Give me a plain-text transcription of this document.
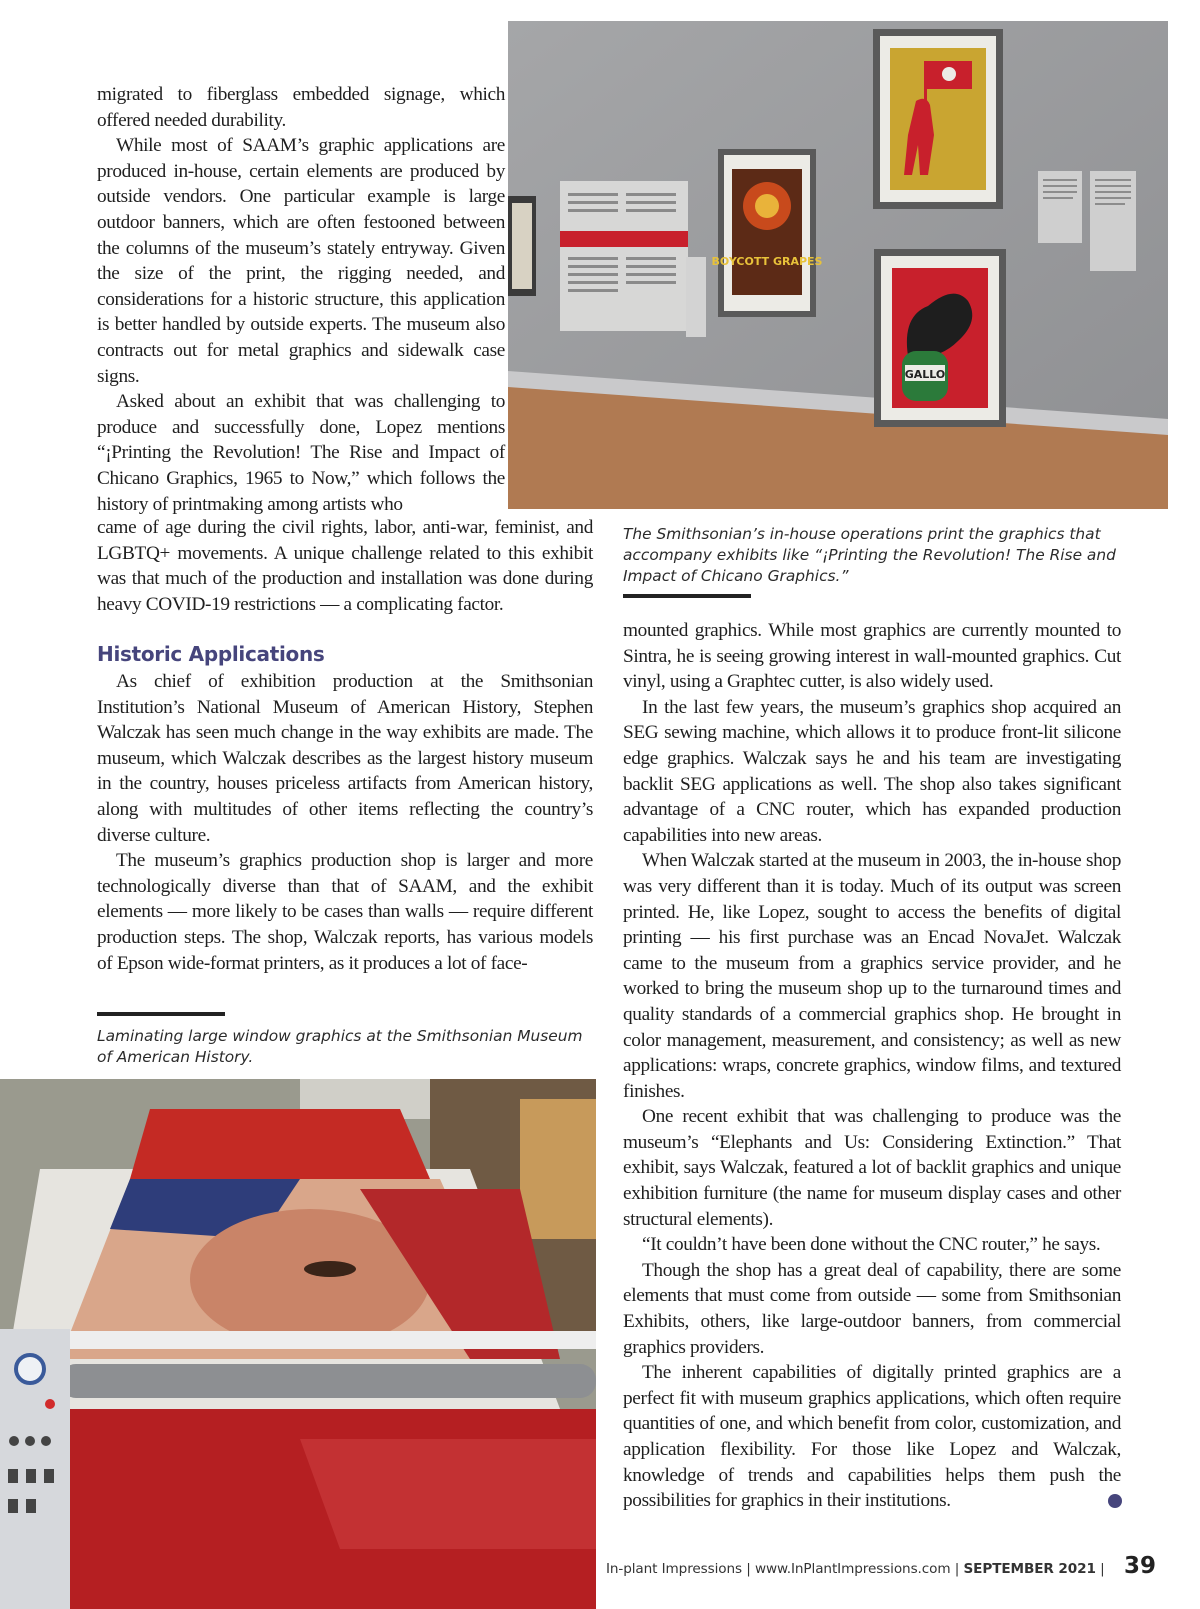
BOYCOTT GRAPES
GALLO
The Smithsonian’s in-house operations print the graphics that accompany exhibits like “¡Printing the Revolution! The Rise and Impact of Chicano Graphics.”

migrated to fiberglass embedded signage, which offered needed durability.

While most of SAAM’s graphic applications are produced in-house, certain elements are produced by outside vendors. One particular example is large outdoor banners, which are often festooned between the columns of the museum’s stately entryway. Given the size of the print, the rigging needed, and considerations for a historic structure, this application is better handled by outside experts. The museum also contracts out for metal graphics and sidewalk case signs.

Asked about an exhibit that was challenging to produce and successfully done, Lopez mentions “¡Printing the Revolution! The Rise and Impact of Chicano Graphics, 1965 to Now,” which follows the history of printmaking among artists who

came of age during the civil rights, labor, anti-war, feminist, and LGBTQ+ movements. A unique challenge related to this exhibit was that much of the production and installation was done during heavy COVID-19 restrictions — a complicating factor.

Historic Applications

As chief of exhibition production at the Smithsonian Institution’s National Museum of American History, Stephen Walczak has seen much change in the way exhibits are made. The museum, which Walczak describes as the largest history museum in the country, houses priceless artifacts from American history, along with multitudes of other items reflecting the country’s diverse culture.

The museum’s graphics production shop is larger and more technologically diverse than that of SAAM, and the exhibit elements — more likely to be cases than walls — require different production steps. The shop, Walczak reports, has various models of Epson wide-format printers, as it produces a lot of face-

Laminating large window graphics at the Smithsonian Museum of American History.

mounted graphics. While most graphics are currently mounted to Sintra, he is seeing growing interest in wall-mounted graphics. Cut vinyl, using a Graphtec cutter, is also widely used.

In the last few years, the museum’s graphics shop acquired an SEG sewing machine, which allows it to produce front-lit silicone edge graphics. Walczak says he and his team are investigating backlit SEG applications as well. The shop also takes significant advantage of a CNC router, which has expanded production capabilities into new areas.

When Walczak started at the museum in 2003, the in-house shop was very different than it is today. Much of its output was screen printed. He, like Lopez, sought to access the benefits of digital printing — his first purchase was an Encad NovaJet. Walczak came to the museum from a graphics service provider, and he worked to bring the museum shop up to the turnaround times and quality standards of a commercial graphics shop. He brought in color management, measurement, and consistency; as well as new applications: wraps, concrete graphics, window films, and textured finishes.

One recent exhibit that was challenging to produce was the museum’s “Elephants and Us: Considering Extinction.” That exhibit, says Walczak, featured a lot of backlit graphics and unique exhibition furniture (the name for museum display cases and other structural elements).

“It couldn’t have been done without the CNC router,” he says.

Though the shop has a great deal of capability, there are some elements that must come from outside — some from Smithsonian Exhibits, others, like large-outdoor banners, from commercial graphics providers.

The inherent capabilities of digitally printed graphics are a perfect fit with museum graphics applications, which often require quantities of one, and which benefit from color, customization, and application flexibility. For those like Lopez and Walczak, knowledge of trends and capabilities helps them push the possibilities for graphics in their institutions.

In-plant Impressions | www.InPlantImpressions.com | SEPTEMBER 2021 | 39
